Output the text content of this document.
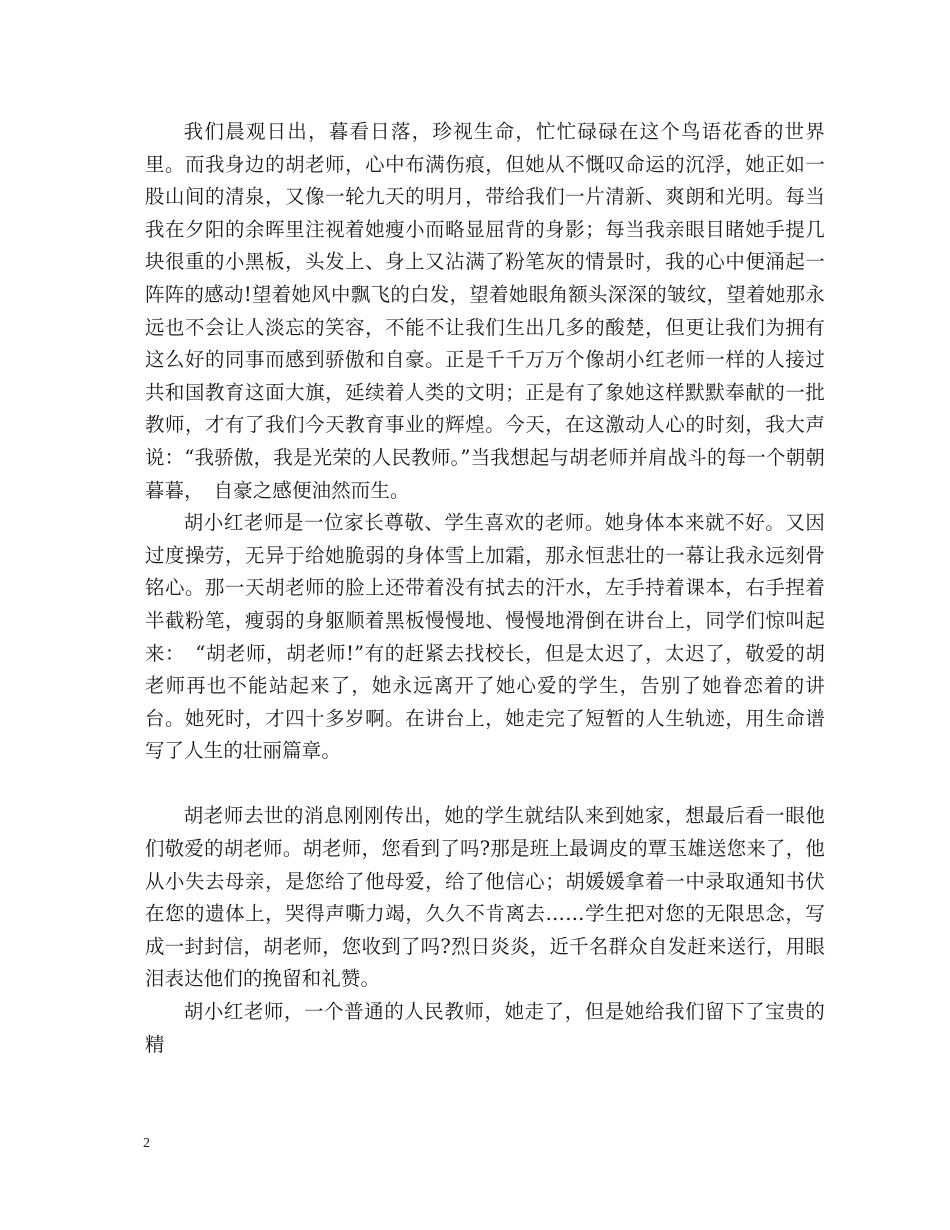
我们晨观日出，暮看日落，珍视生命，忙忙碌碌在这个鸟语花香的世界里。而我身边的胡老师，心中布满伤痕，但她从不慨叹命运的沉浮，她正如一股山间的清泉，又像一轮九天的明月，带给我们一片清新、爽朗和光明。每当我在夕阳的余晖里注视着她瘦小而略显屈背的身影；每当我亲眼目睹她手提几块很重的小黑板，头发上、身上又沾满了粉笔灰的情景时，我的心中便涌起一阵阵的感动!望着她风中飘飞的白发，望着她眼角额头深深的皱纹，望着她那永远也不会让人淡忘的笑容，不能不让我们生出几多的酸楚，但更让我们为拥有这么好的同事而感到骄傲和自豪。正是千千万万个像胡小红老师一样的人接过共和国教育这面大旗，延续着人类的文明；正是有了象她这样默默奉献的一批教师，才有了我们今天教育事业的辉煌。今天，在这激动人心的时刻，我大声说：“我骄傲，我是光荣的人民教师。”当我想起与胡老师并肩战斗的每一个朝朝暮暮，　自豪之感便油然而生。

胡小红老师是一位家长尊敬、学生喜欢的老师。她身体本来就不好。又因过度操劳，无异于给她脆弱的身体雪上加霜，那永恒悲壮的一幕让我永远刻骨铭心。那一天胡老师的脸上还带着没有拭去的汗水，左手持着课本，右手捏着半截粉笔，瘦弱的身躯顺着黑板慢慢地、慢慢地滑倒在讲台上，同学们惊叫起来：　“胡老师，胡老师!”有的赶紧去找校长，但是太迟了，太迟了，敬爱的胡老师再也不能站起来了，她永远离开了她心爱的学生，告别了她眷恋着的讲台。她死时，才四十多岁啊。在讲台上，她走完了短暂的人生轨迹，用生命谱写了人生的壮丽篇章。

胡老师去世的消息刚刚传出，她的学生就结队来到她家，想最后看一眼他们敬爱的胡老师。胡老师，您看到了吗?那是班上最调皮的覃玉雄送您来了，他从小失去母亲，是您给了他母爱，给了他信心；胡媛媛拿着一中录取通知书伏在您的遗体上，哭得声嘶力竭，久久不肯离去……学生把对您的无限思念，写成一封封信，胡老师，您收到了吗?烈日炎炎，近千名群众自发赶来送行，用眼泪表达他们的挽留和礼赞。

胡小红老师，一个普通的人民教师，她走了，但是她给我们留下了宝贵的精

2
